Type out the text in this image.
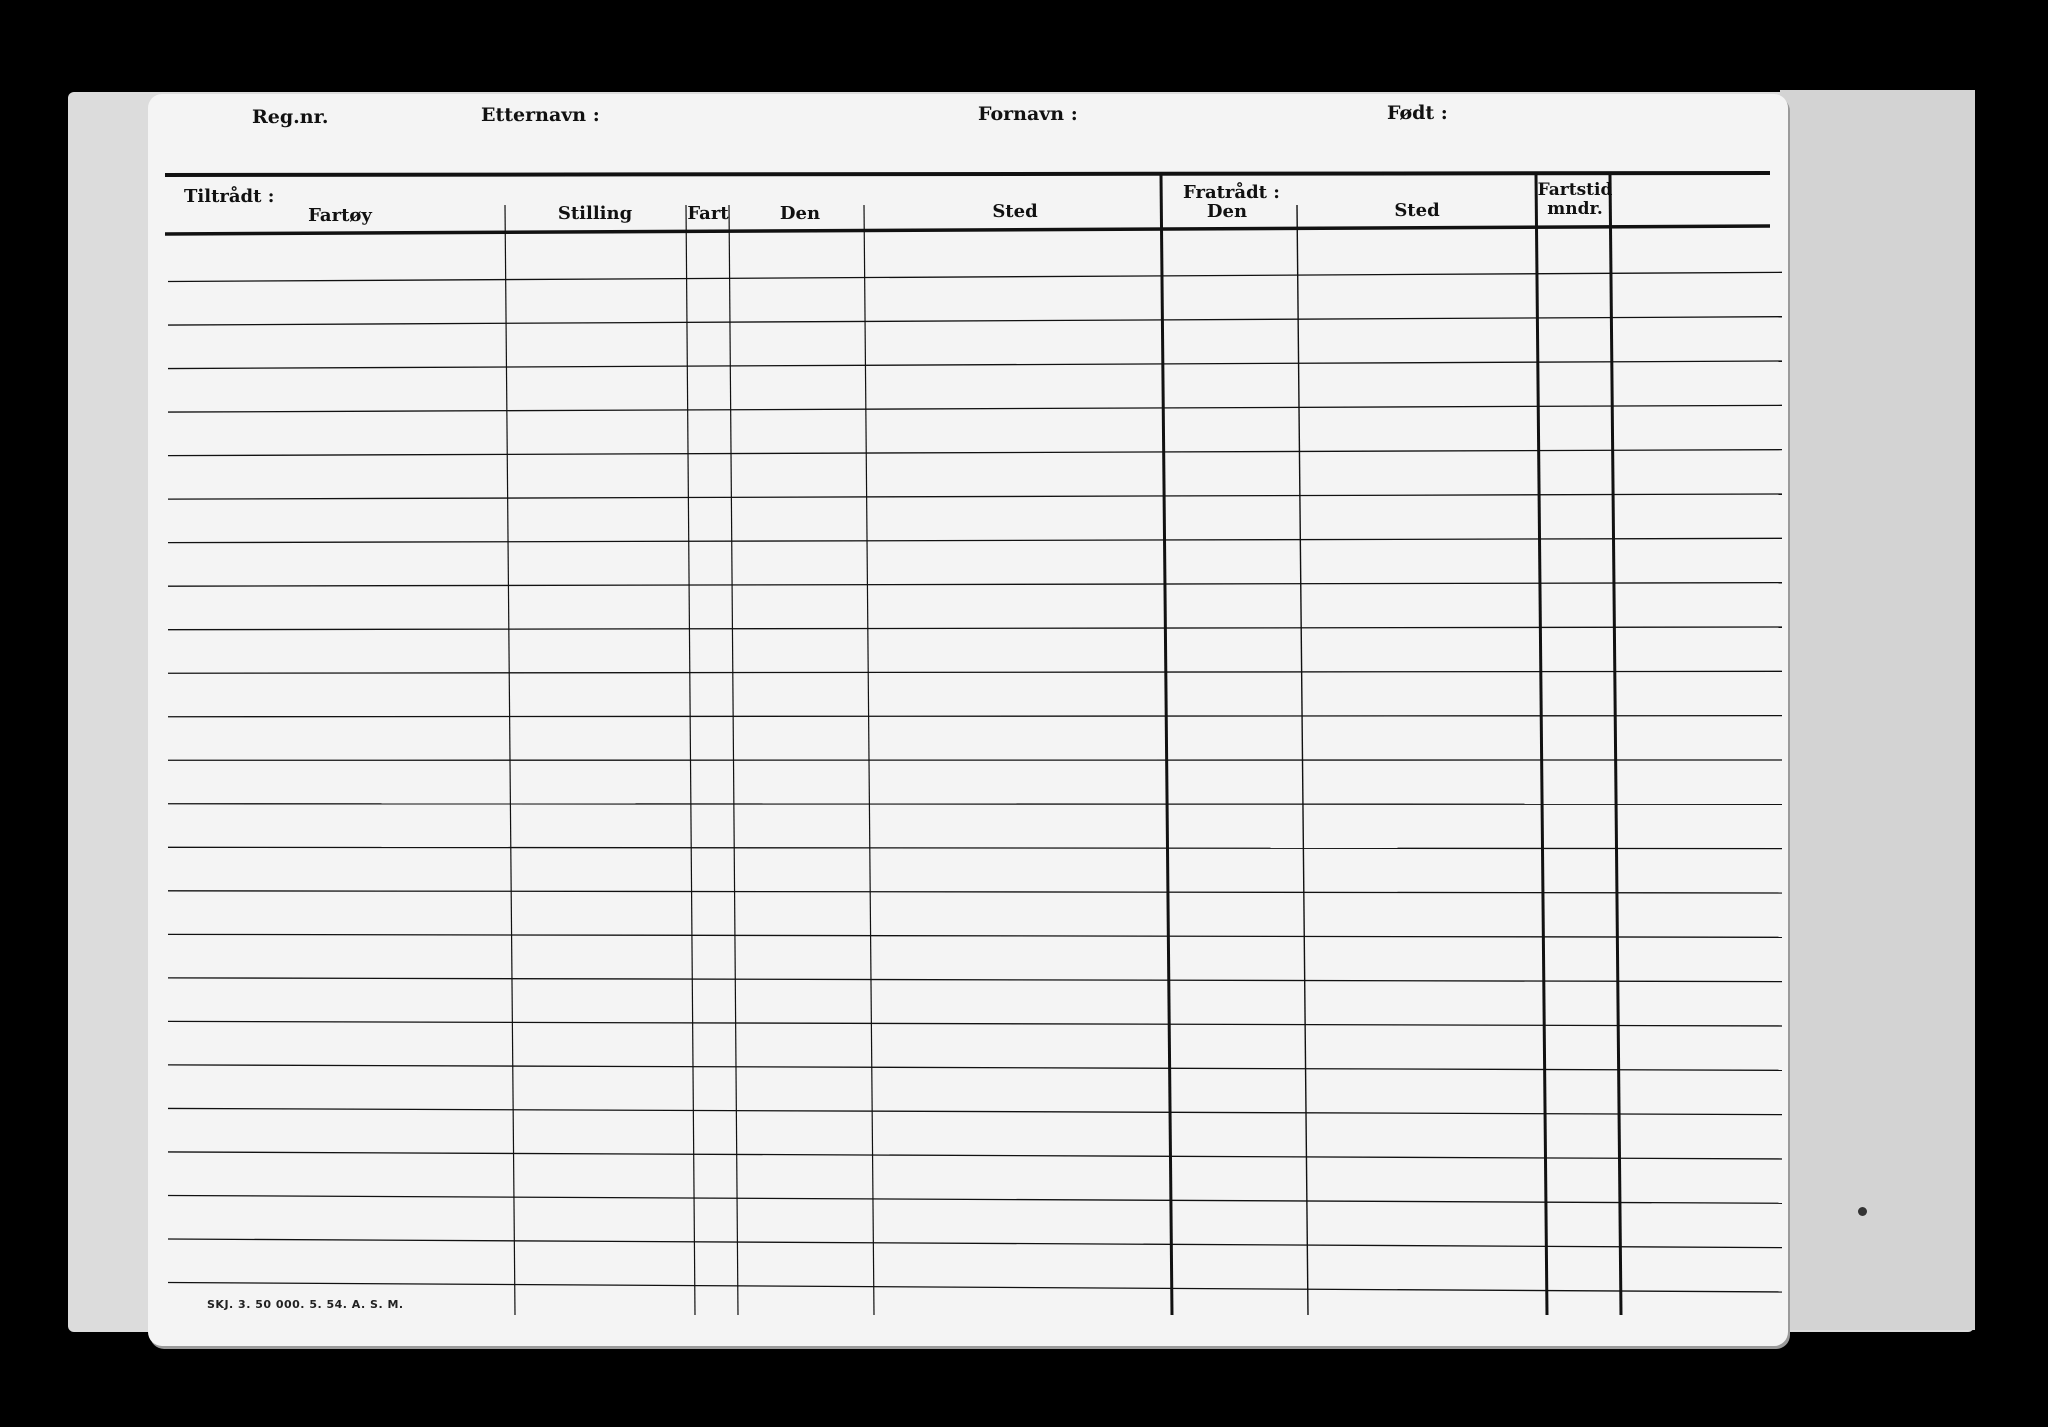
Reg.nr.	Etternavn :	Fornavn :	Født :
Tiltrådt :	Fratrådt :
Fartøy	Stilling	Fart	Den	Sted	Den	Sted
Fartstid
mndr.
SKJ. 3. 50 000. 5. 54. A. S. M.
